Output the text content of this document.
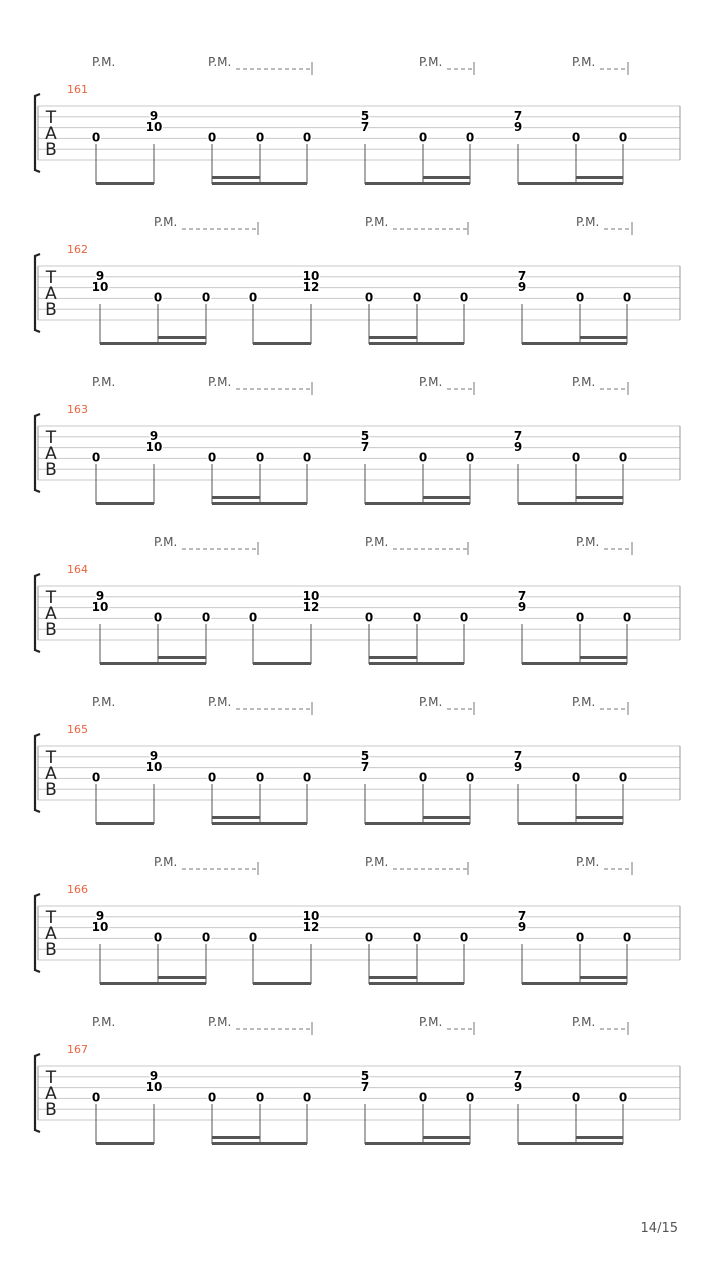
T
A
B
161
P.M.	P.M.	P.M.	P.M.
0
9
10
0	0	0
5
7
0	0
7
9
0	0
T
A
B
162
P.M.	P.M.	P.M.
9
10
0	0	0
10
12
0	0	0
7
9
0	0
T
A
B
163
P.M.	P.M.	P.M.	P.M.
0
9
10
0	0	0
5
7
0	0
7
9
0	0
T
A
B
164
P.M.	P.M.	P.M.
9
10
0	0	0
10
12
0	0	0
7
9
0	0
T
A
B
165
P.M.	P.M.	P.M.	P.M.
0
9
10
0	0	0
5
7
0	0
7
9
0	0
T
A
B
166
P.M.	P.M.	P.M.
9
10
0	0	0
10
12
0	0	0
7
9
0	0
T
A
B
167
P.M.	P.M.	P.M.	P.M.
0
9
10
0	0	0
5
7
0	0
7
9
0	0
14/15
